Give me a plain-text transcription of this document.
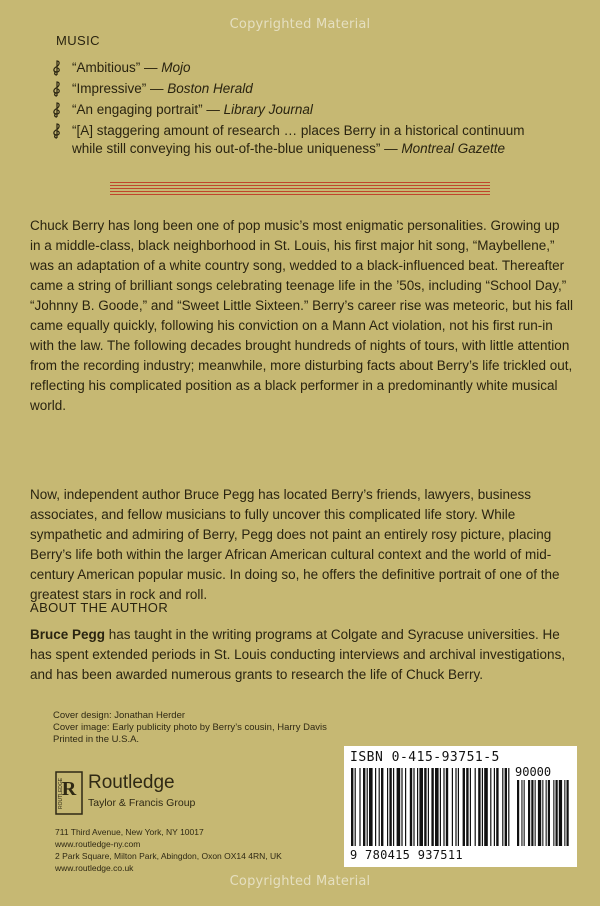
Copyrighted Material
MUSIC
“Ambitious” — Mojo
“Impressive” — Boston Herald
“An engaging portrait” — Library Journal
“[A] staggering amount of research … places Berry in a historical continuum while still conveying his out-of-the-blue uniqueness” — Montreal Gazette

Chuck Berry has long been one of pop music’s most enigmatic personalities. Growing up in a middle-class, black neighborhood in St. Louis, his first major hit song, “Maybellene,” was an adaptation of a white country song, wedded to a black-influenced beat. Thereafter came a string of brilliant songs celebrating teenage life in the ’50s, including “School Day,” “Johnny B. Goode,” and “Sweet Little Sixteen.” Berry’s career rise was meteoric, but his fall came equally quickly, following his conviction on a Mann Act violation, not his first run-in with the law. The following decades brought hundreds of nights of tours, with little attention from the recording industry; meanwhile, more disturbing facts about Berry’s life trickled out, reflecting his complicated position as a black performer in a predominantly white musical world.

Now, independent author Bruce Pegg has located Berry’s friends, lawyers, business associates, and fellow musicians to fully uncover this complicated life story. While sympathetic and admiring of Berry, Pegg does not paint an entirely rosy picture, placing Berry’s life both within the larger African American cultural context and the world of mid-century American popular music. In doing so, he offers the definitive portrait of one of the greatest stars in rock and roll.

ABOUT THE AUTHOR

Bruce Pegg has taught in the writing programs at Colgate and Syracuse universities. He has spent extended periods in St. Louis conducting interviews and archival investigations, and has been awarded numerous grants to research the life of Chuck Berry.

Cover design: Jonathan Herder
Cover image: Early publicity photo by Berry’s cousin, Harry Davis
Printed in the U.S.A.
R
ROUTLEDGE Routledge
Taylor & Francis Group
711 Third Avenue, New York, NY 10017
www.routledge-ny.com
2 Park Square, Milton Park, Abingdon, Oxon OX14 4RN, UK
www.routledge.co.uk
ISBN 0-415-93751-5
90000
9 780415 937511
Copyrighted Material
